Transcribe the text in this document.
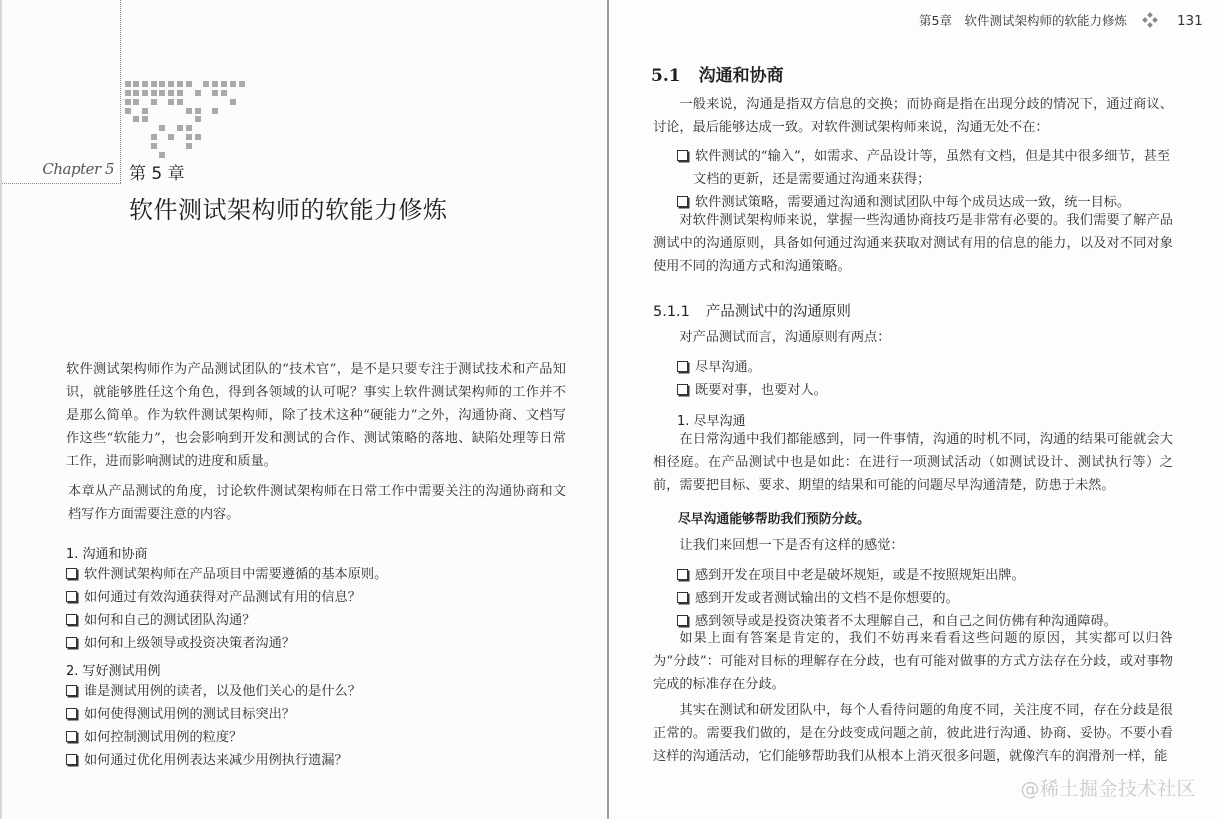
Chapter 5 第 5 章
软件测试架构师的软能力修炼
软件测试架构师作为产品测试团队的“技术官”，是不是只要专注于测试技术和产品知识，就能够胜任这个角色，得到各领域的认可呢？事实上软件测试架构师的工作并不是那么简单。作为软件测试架构师，除了技术这种“硬能力”之外，沟通协商、文档写作这些“软能力”，也会影响到开发和测试的合作、测试策略的落地、缺陷处理等日常工作，进而影响测试的进度和质量。
本章从产品测试的角度，讨论软件测试架构师在日常工作中需要关注的沟通协商和文档写作方面需要注意的内容。
1. 沟通和协商
软件测试架构师在产品项目中需要遵循的基本原则。
如何通过有效沟通获得对产品测试有用的信息？
如何和自己的测试团队沟通？
如何和上级领导或投资决策者沟通？
2. 写好测试用例
谁是测试用例的读者，以及他们关心的是什么？
如何使得测试用例的测试目标突出？
如何控制测试用例的粒度？
如何通过优化用例表达来减少用例执行遗漏？
第5章　软件测试架构师的软能力修炼	131
5.1 沟通和协商
一般来说，沟通是指双方信息的交换；而协商是指在出现分歧的情况下，通过商议、讨论，最后能够达成一致。对软件测试架构师来说，沟通无处不在：
软件测试的“输入”，如需求、产品设计等，虽然有文档，但是其中很多细节，甚至文档的更新，还是需要通过沟通来获得；
软件测试策略，需要通过沟通和测试团队中每个成员达成一致，统一目标。
对软件测试架构师来说，掌握一些沟通协商技巧是非常有必要的。我们需要了解产品测试中的沟通原则，具备如何通过沟通来获取对测试有用的信息的能力，以及对不同对象使用不同的沟通方式和沟通策略。
5.1.1 产品测试中的沟通原则
对产品测试而言，沟通原则有两点：
尽早沟通。
既要对事，也要对人。
1. 尽早沟通
在日常沟通中我们都能感到，同一件事情，沟通的时机不同，沟通的结果可能就会大相径庭。在产品测试中也是如此：在进行一项测试活动（如测试设计、测试执行等）之前，需要把目标、要求、期望的结果和可能的问题尽早沟通清楚，防患于未然。
尽早沟通能够帮助我们预防分歧。
让我们来回想一下是否有这样的感觉：
感到开发在项目中老是破坏规矩，或是不按照规矩出牌。
感到开发或者测试输出的文档不是你想要的。
感到领导或是投资决策者不太理解自己，和自己之间仿佛有种沟通障碍。
如果上面有答案是肯定的，我们不妨再来看看这些问题的原因，其实都可以归咎为“分歧”：可能对目标的理解存在分歧，也有可能对做事的方式方法存在分歧，或对事物完成的标准存在分歧。
其实在测试和研发团队中，每个人看待问题的角度不同，关注度不同，存在分歧是很正常的。需要我们做的，是在分歧变成问题之前，彼此进行沟通、协商、妥协。不要小看这样的沟通活动，它们能够帮助我们从根本上消灭很多问题，就像汽车的润滑剂一样，能
@稀土掘金技术社区
